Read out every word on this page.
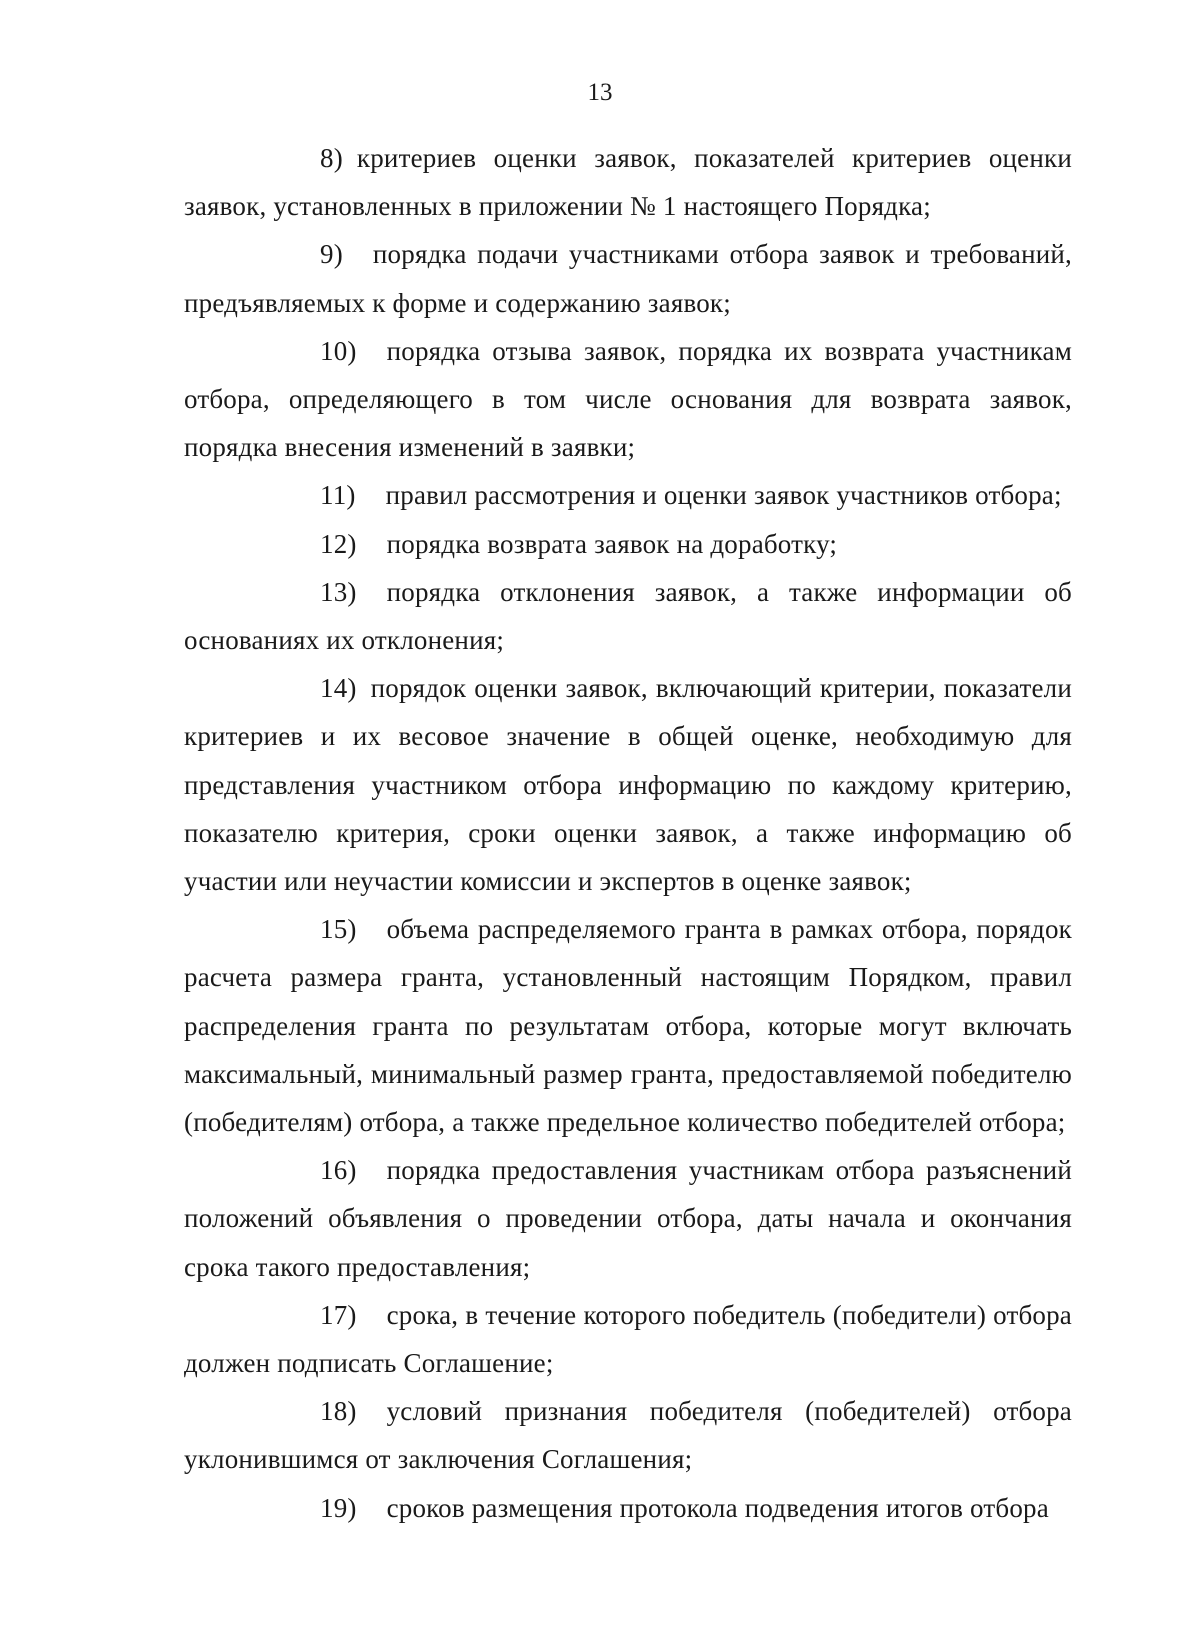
13

8) критериев оценки заявок, показателей критериев оценки заявок, установленных в приложении № 1 настоящего Порядка;

9) порядка подачи участниками отбора заявок и требований, предъявляемых к форме и содержанию заявок;

10) порядка отзыва заявок, порядка их возврата участникам отбора, определяющего в том числе основания для возврата заявок, порядка внесения изменений в заявки;

11) правил рассмотрения и оценки заявок участников отбора;

12) порядка возврата заявок на доработку;

13) порядка отклонения заявок, а также информации об основаниях их отклонения;

14) порядок оценки заявок, включающий критерии, показатели критериев и их весовое значение в общей оценке, необходимую для представления участником отбора информацию по каждому критерию, показателю критерия, сроки оценки заявок, а также информацию об участии или неучастии комиссии и экспертов в оценке заявок;

15) объема распределяемого гранта в рамках отбора, порядок расчета размера гранта, установленный настоящим Порядком, правил распределения гранта по результатам отбора, которые могут включать максимальный, минимальный размер гранта, предоставляемой победителю (победителям) отбора, а также предельное количество победителей отбора;

16) порядка предоставления участникам отбора разъяснений положений объявления о проведении отбора, даты начала и окончания срока такого предоставления;

17) срока, в течение которого победитель (победители) отбора должен подписать Соглашение;

18) условий признания победителя (победителей) отбора уклонившимся от заключения Соглашения;

19) сроков размещения протокола подведения итогов отбора
